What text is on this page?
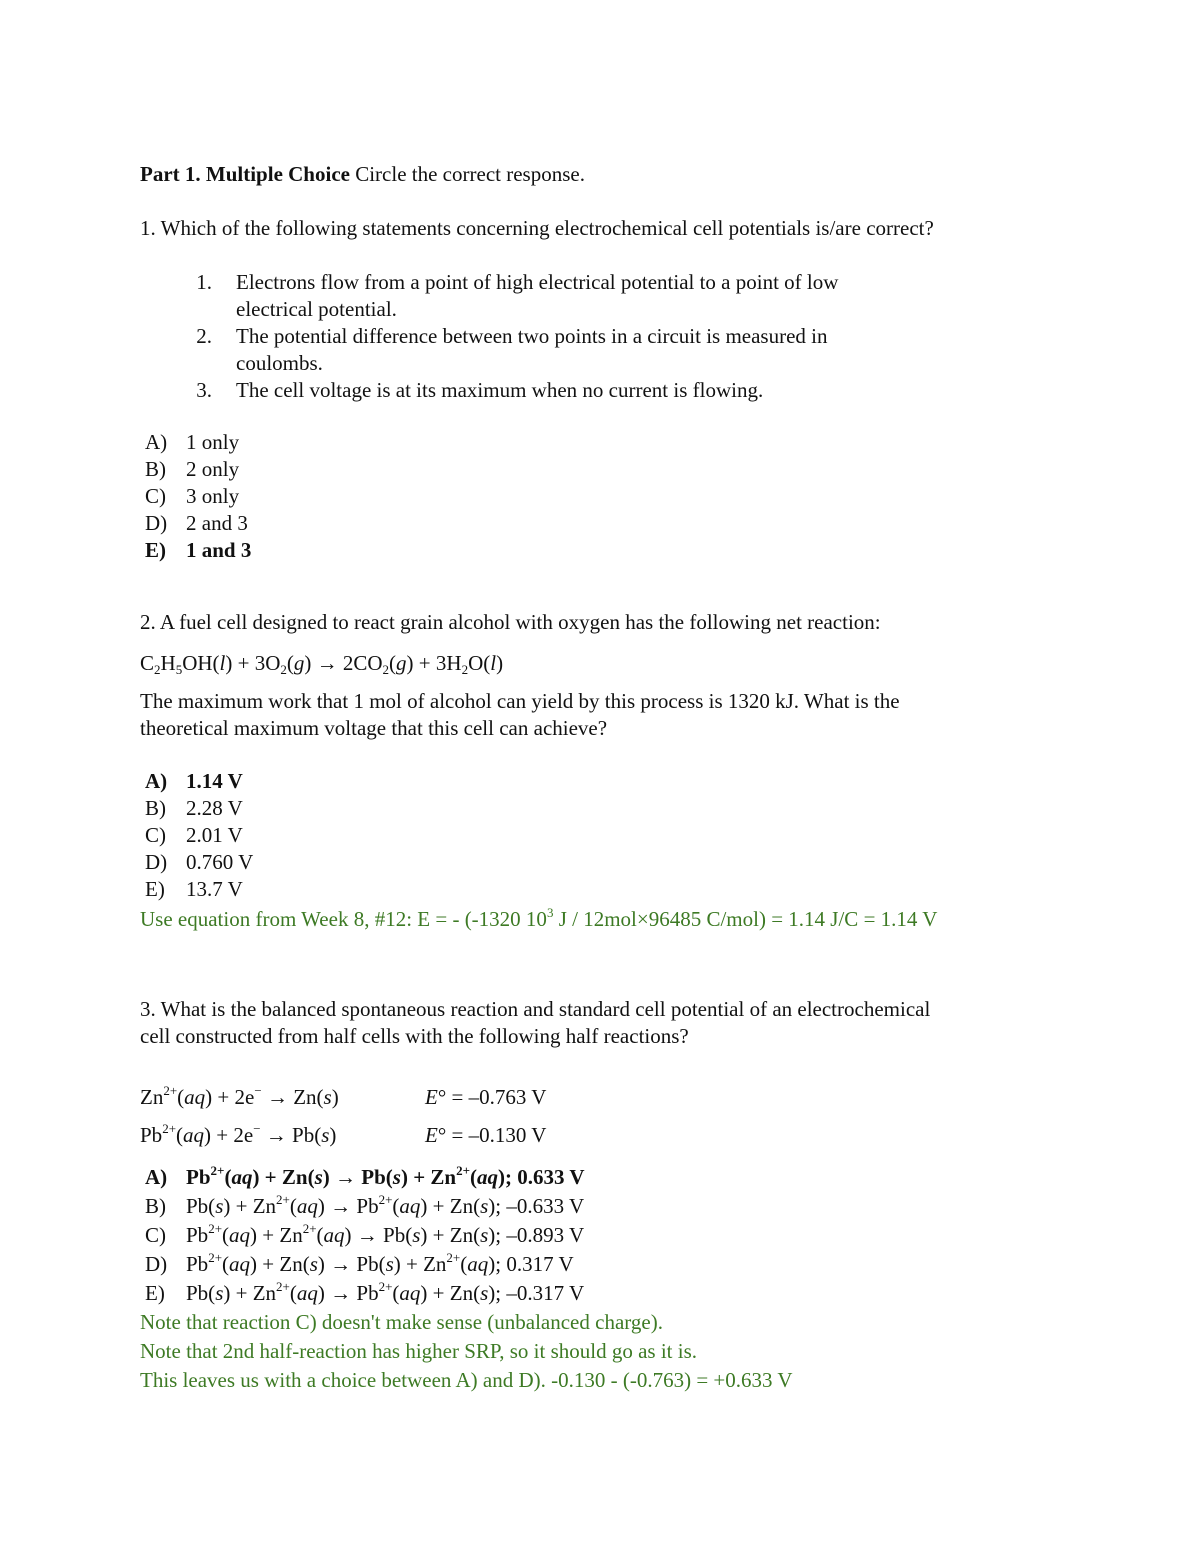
Part 1. Multiple Choice Circle the correct response.
1. Which of the following statements concerning electrochemical cell potentials is/are correct?
1. Electrons flow from a point of high electrical potential to a point of low
electrical potential.
2. The potential difference between two points in a circuit is measured in
coulombs.
3. The cell voltage is at its maximum when no current is flowing.
A) 1 only
B) 2 only
C) 3 only
D) 2 and 3
E) 1 and 3
2. A fuel cell designed to react grain alcohol with oxygen has the following net reaction:
$C_2H_5OH(l) + 3O_2(g) \to 2CO_2(g) + 3H_2O(l)$
The maximum work that 1 mol of alcohol can yield by this process is 1320 kJ. What is the
theoretical maximum voltage that this cell can achieve?
A) 1.14 V
B) 2.28 V
C) 2.01 V
D) 0.760 V
E) 13.7 V
Use equation from Week 8, #12: E = - (-1320 $10^3$ J / 12mol×96485 C/mol) = 1.14 J/C = 1.14 V
3. What is the balanced spontaneous reaction and standard cell potential of an electrochemical
cell constructed from half cells with the following half reactions?
$Zn^{2+}(aq) + 2e^- \to Zn(s)$	E° = –0.763 V
$Pb^{2+}(aq) + 2e^- \to Pb(s)$	E° = –0.130 V
A) $Pb^{2+}(aq) + Zn(s) \to Pb(s) + Zn^{2+}(aq)$; 0.633 V
B) $Pb(s) + Zn^{2+}(aq) \to Pb^{2+}(aq) + Zn(s)$; –0.633 V
C) $Pb^{2+}(aq) + Zn^{2+}(aq) \to Pb(s) + Zn(s)$; –0.893 V
D) $Pb^{2+}(aq) + Zn(s) \to Pb(s) + Zn^{2+}(aq)$; 0.317 V
E) $Pb(s) + Zn^{2+}(aq) \to Pb^{2+}(aq) + Zn(s)$; –0.317 V
Note that reaction C) doesn't make sense (unbalanced charge).
Note that 2nd half-reaction has higher SRP, so it should go as it is.
This leaves us with a choice between A) and D). -0.130 - (-0.763) = +0.633 V
